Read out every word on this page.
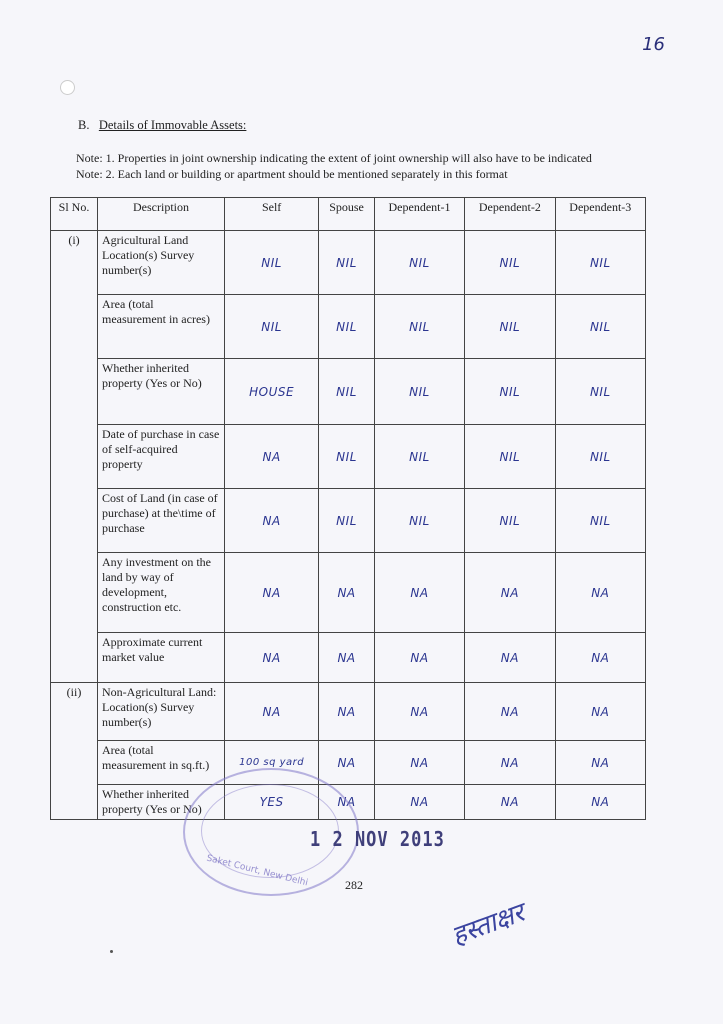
16
B. Details of Immovable Assets:
Note: 1. Properties in joint ownership indicating the extent of joint ownership will also have to be indicated
Note: 2. Each land or building or apartment should be mentioned separately in this format
Sl No.	Description	Self	Spouse	Dependent-1	Dependent-2	Dependent-3
(i)	Agricultural Land Location(s) Survey number(s)	NIL	NIL	NIL	NIL	NIL
	Area (total measurement in acres)	NIL	NIL	NIL	NIL	NIL
	Whether inherited property (Yes or No)	HOUSE	NIL	NIL	NIL	NIL
	Date of purchase in case of self-acquired property	NA	NIL	NIL	NIL	NIL
	Cost of Land (in case of purchase) at the\time of purchase	NA	NIL	NIL	NIL	NIL
	Any investment on the land by way of development, construction etc.	NA	NA	NA	NA	NA
	Approximate current market value	NA	NA	NA	NA	NA
(ii)	Non-Agricultural Land: Location(s) Survey number(s)	NA	NA	NA	NA	NA
	Area (total measurement in sq.ft.)	100 sq yard	NA	NA	NA	NA
	Whether inherited property (Yes or No)	YES	NA	NA	NA	NA
Saket Court, New Delhi
1 2 NOV 2013
282
हस्ताक्षर
